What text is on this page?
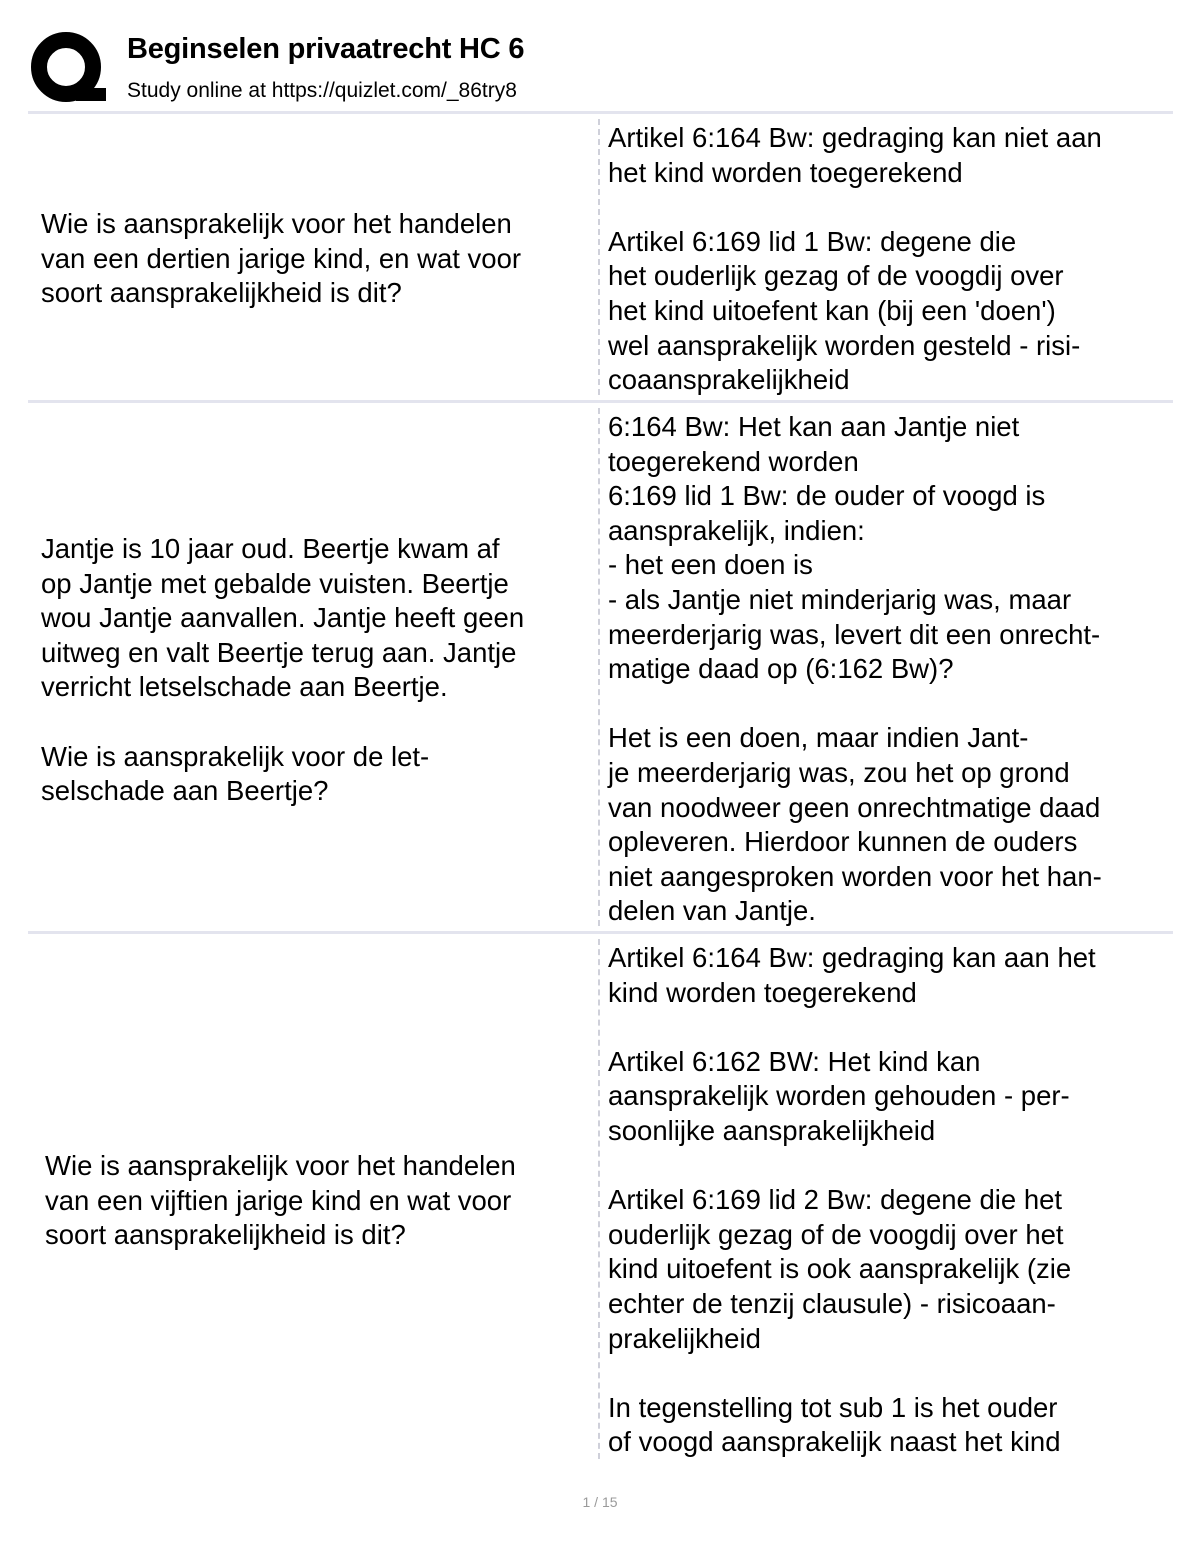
Beginselen privaatrecht HC 6
Study online at https://quizlet.com/_86try8
Wie is aansprakelijk voor het handelen
van een dertien jarige kind, en wat voor
soort aansprakelijkheid is dit?
Artikel 6:164 Bw: gedraging kan niet aan
het kind worden toegerekend
Artikel 6:169 lid 1 Bw: degene die
het ouderlijk gezag of de voogdij over
het kind uitoefent kan (bij een 'doen')
wel aansprakelijk worden gesteld - risi-
coaansprakelijkheid
Jantje is 10 jaar oud. Beertje kwam af
op Jantje met gebalde vuisten. Beertje
wou Jantje aanvallen. Jantje heeft geen
uitweg en valt Beertje terug aan. Jantje
verricht letselschade aan Beertje.
Wie is aansprakelijk voor de let-
selschade aan Beertje?
6:164 Bw: Het kan aan Jantje niet
toegerekend worden
6:169 lid 1 Bw: de ouder of voogd is
aansprakelijk, indien:
- het een doen is
- als Jantje niet minderjarig was, maar
meerderjarig was, levert dit een onrecht-
matige daad op (6:162 Bw)?
Het is een doen, maar indien Jant-
je meerderjarig was, zou het op grond
van noodweer geen onrechtmatige daad
opleveren. Hierdoor kunnen de ouders
niet aangesproken worden voor het han-
delen van Jantje.
Wie is aansprakelijk voor het handelen
van een vijftien jarige kind en wat voor
soort aansprakelijkheid is dit?
Artikel 6:164 Bw: gedraging kan aan het
kind worden toegerekend
Artikel 6:162 BW: Het kind kan
aansprakelijk worden gehouden - per-
soonlijke aansprakelijkheid
Artikel 6:169 lid 2 Bw: degene die het
ouderlijk gezag of de voogdij over het
kind uitoefent is ook aansprakelijk (zie
echter de tenzij clausule) - risicoaan-
prakelijkheid
In tegenstelling tot sub 1 is het ouder
of voogd aansprakelijk naast het kind
1 / 15
